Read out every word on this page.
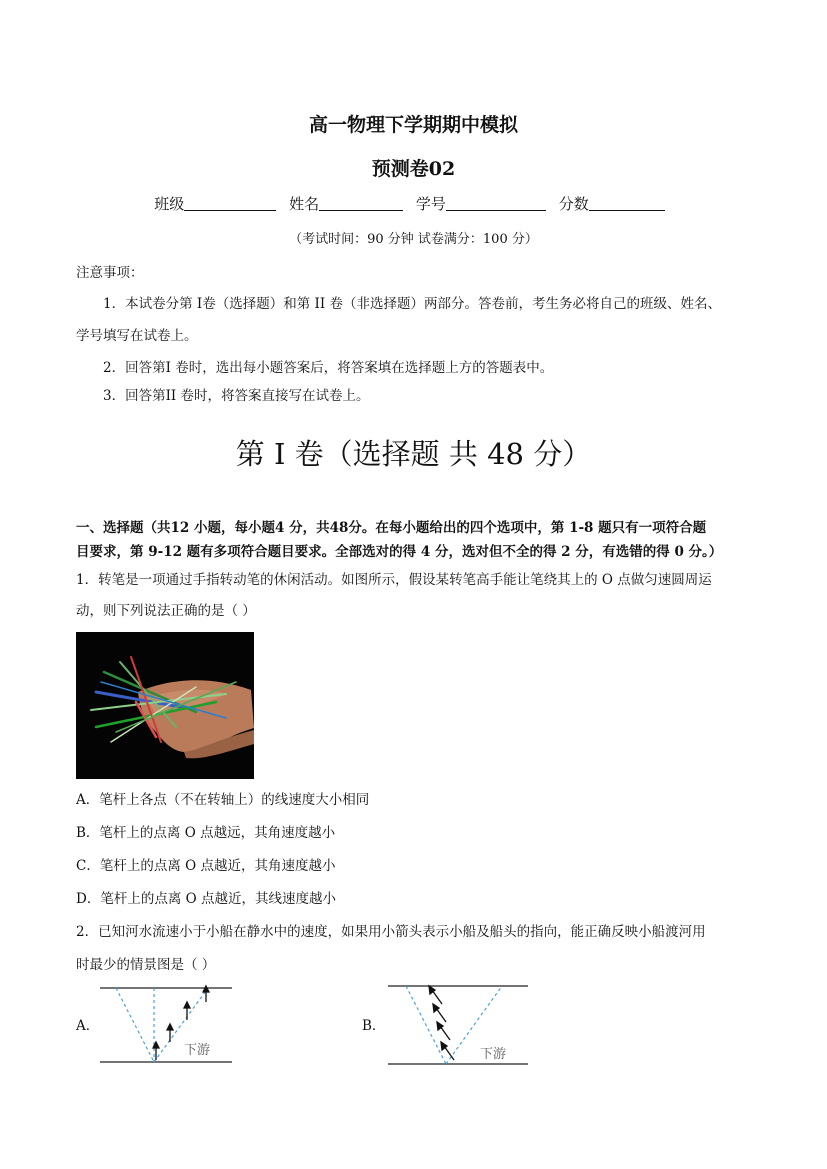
高一物理下学期期中模拟
预测卷02
班级	姓名	学号	分数
（考试时间：90 分钟 试卷满分：100 分）
注意事项：
1．本试卷分第 I卷（选择题）和第 II 卷（非选择题）两部分。答卷前，考生务必将自己的班级、姓名、
学号填写在试卷上。
2．回答第I 卷时，选出每小题答案后，将答案填在选择题上方的答题表中。
3．回答第II 卷时，将答案直接写在试卷上。
第 I 卷（选择题 共 48 分）
一、选择题（共12 小题，每小题4 分，共48分。在每小题给出的四个选项中，第 1-8 题只有一项符合题
目要求，第 9-12 题有多项符合题目要求。全部选对的得 4 分，选对但不全的得 2 分，有选错的得 0 分。）
1．转笔是一项通过手指转动笔的休闲活动。如图所示，假设某转笔高手能让笔绕其上的 O 点做匀速圆周运
动，则下列说法正确的是（ ）
A．笔杆上各点（不在转轴上）的线速度大小相同
B．笔杆上的点离 O 点越远，其角速度越小
C．笔杆上的点离 O 点越近，其角速度越小
D．笔杆上的点离 O 点越近，其线速度越小
2．已知河水流速小于小船在静水中的速度，如果用小箭头表示小船及船头的指向，能正确反映小船渡河用
时最少的情景图是（ ）
A．
下游
B．
下游
